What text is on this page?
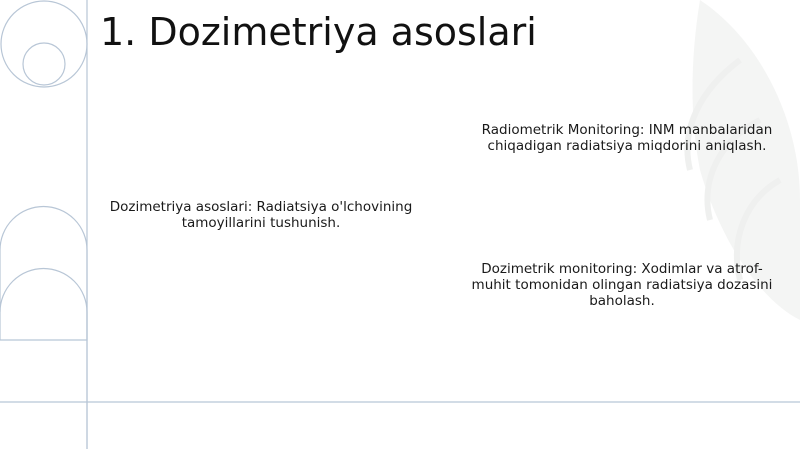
1. Dozimetriya asoslari
Dozimetriya asoslari: Radiatsiya o'lchovining tamoyillarini tushunish.
Radiometrik Monitoring: INM manbalaridan chiqadigan radiatsiya miqdorini aniqlash.
Dozimetrik monitoring: Xodimlar va atrof-muhit tomonidan olingan radiatsiya dozasini baholash.
